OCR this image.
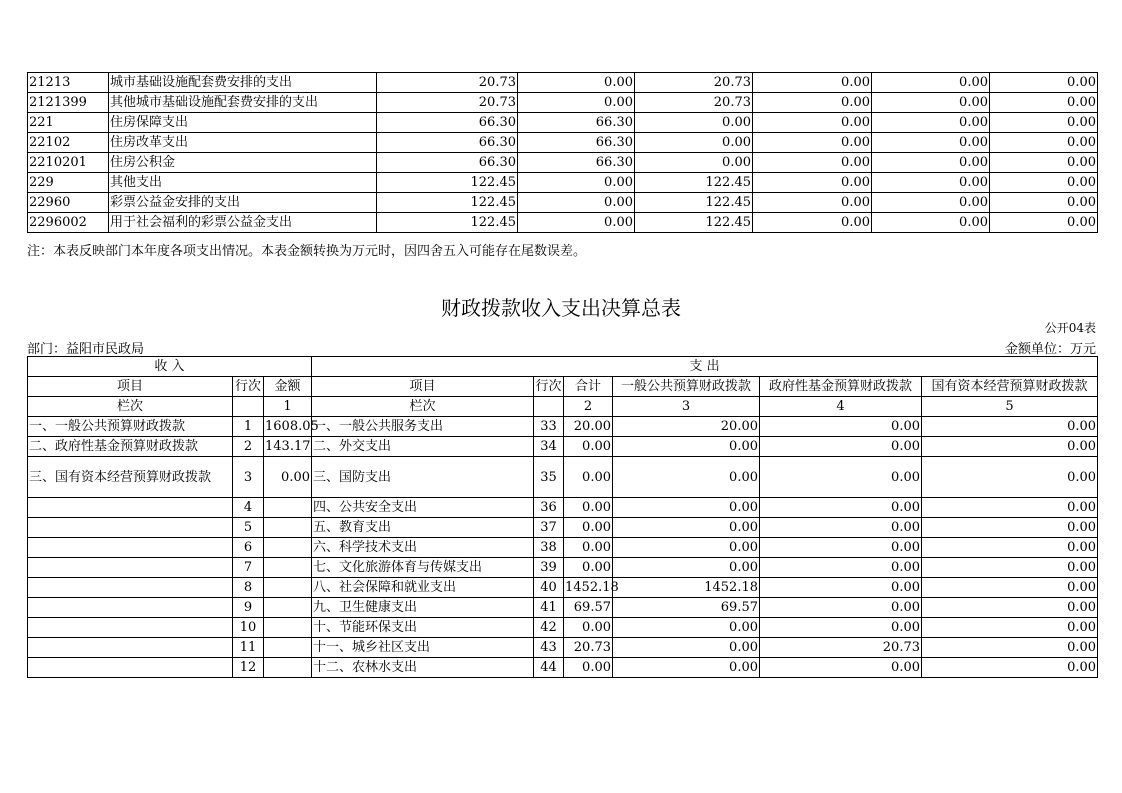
21213	城市基础设施配套费安排的支出	20.73	0.00	20.73	0.00	0.00	0.00
2121399	其他城市基础设施配套费安排的支出	20.73	0.00	20.73	0.00	0.00	0.00
221	住房保障支出	66.30	66.30	0.00	0.00	0.00	0.00
22102	住房改革支出	66.30	66.30	0.00	0.00	0.00	0.00
2210201	住房公积金	66.30	66.30	0.00	0.00	0.00	0.00
229	其他支出	122.45	0.00	122.45	0.00	0.00	0.00
22960	彩票公益金安排的支出	122.45	0.00	122.45	0.00	0.00	0.00
2296002	用于社会福利的彩票公益金支出	122.45	0.00	122.45	0.00	0.00	0.00
注：本表反映部门本年度各项支出情况。本表金额转换为万元时，因四舍五入可能存在尾数误差。
财政拨款收入支出决算总表
公开04表
部门：益阳市民政局	金额单位：万元
收 入			支 出					
项目	行次	金额	项目	行次	合计	一般公共预算财政拨款	政府性基金预算财政拨款	国有资本经营预算财政拨款
栏次		1	栏次		2	3	4	5
一、一般公共预算财政拨款	1	1608.05	一、一般公共服务支出	33	20.00	20.00	0.00	0.00
二、政府性基金预算财政拨款	2	143.17	二、外交支出	34	0.00	0.00	0.00	0.00
三、国有资本经营预算财政拨款	3	0.00	三、国防支出	35	0.00	0.00	0.00	0.00
	4		四、公共安全支出	36	0.00	0.00	0.00	0.00
	5		五、教育支出	37	0.00	0.00	0.00	0.00
	6		六、科学技术支出	38	0.00	0.00	0.00	0.00
	7		七、文化旅游体育与传媒支出	39	0.00	0.00	0.00	0.00
	8		八、社会保障和就业支出	40	1452.18	1452.18	0.00	0.00
	9		九、卫生健康支出	41	69.57	69.57	0.00	0.00
	10		十、节能环保支出	42	0.00	0.00	0.00	0.00
	11		十一、城乡社区支出	43	20.73	0.00	20.73	0.00
	12		十二、农林水支出	44	0.00	0.00	0.00	0.00
